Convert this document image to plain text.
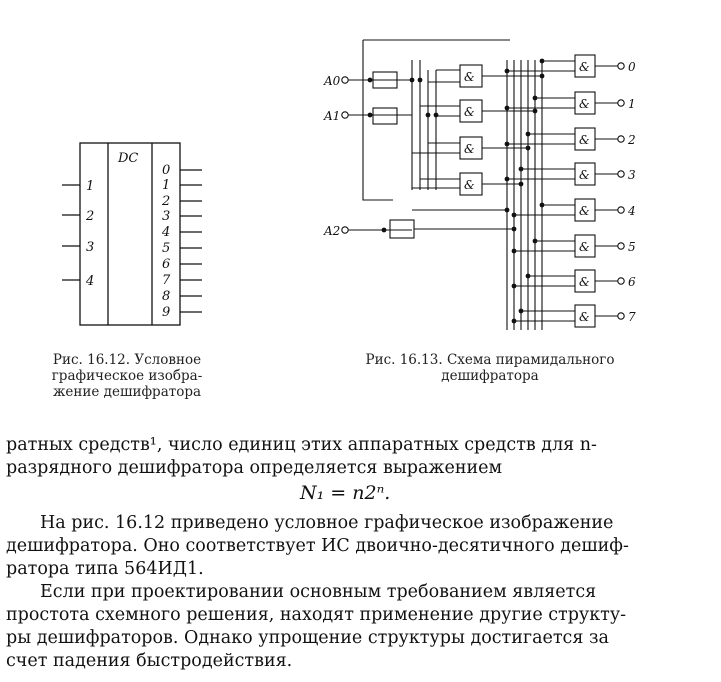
DC
1
2
3
4
0
1
2
3
4
5
6
7
8
9
Рис. 16.12. Условное
графическое изобра-
жение дешифратора
A0
A1
A2
&
&
&
&
&
&
&
&
&
&
&
&
0
1
2
3
4
5
6
7
Рис. 16.13. Схема пирамидального
дешифратора
ратных средств¹, число единиц этих аппаратных средств для n-
разрядного дешифратора определяется выражением
N₁ = n2ⁿ.
На рис. 16.12 приведено условное графическое изображение
дешифратора. Оно соответствует ИС двоично-десятичного дешиф-
ратора типа 564ИД1.
Если при проектировании основным требованием является
простота схемного решения, находят применение другие структу-
ры дешифраторов. Однако упрощение структуры достигается за
счет падения быстродействия.
